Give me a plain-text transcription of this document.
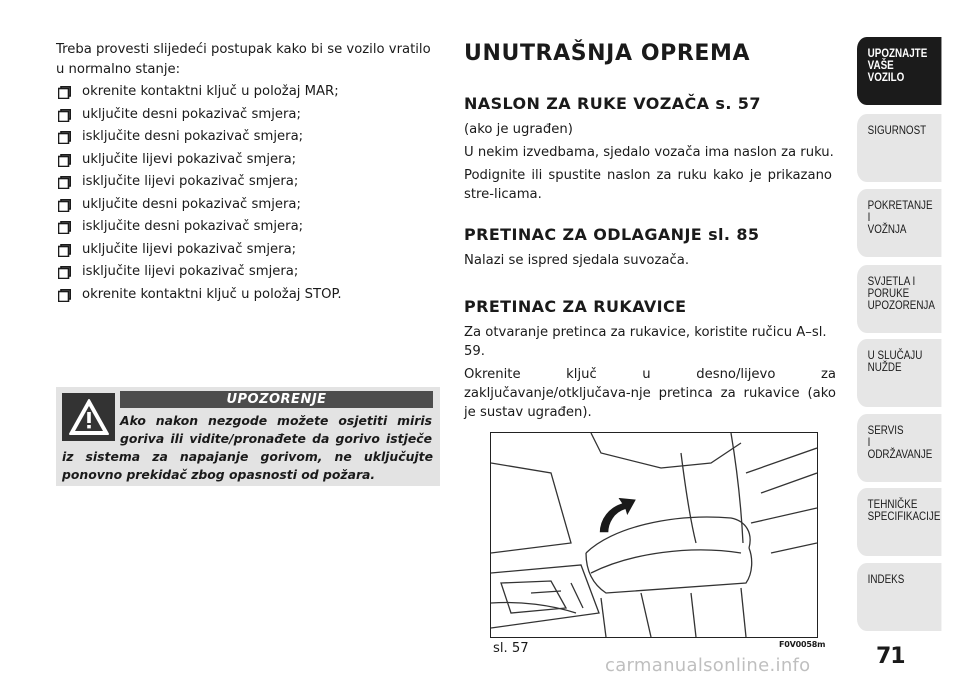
Treba provesti slijedeći postupak kako bi se vozilo vratilo u normalno stanje:

okrenite kontaktni ključ u položaj MAR;
uključite desni pokazivač smjera;
isključite desni pokazivač smjera;
uključite lijevi pokazivač smjera;
isključite lijevi pokazivač smjera;
uključite desni pokazivač smjera;
isključite desni pokazivač smjera;
uključite lijevi pokazivač smjera;
isključite lijevi pokazivač smjera;
okrenite kontaktni ključ u položaj STOP.
UPOZORENJE
Ako nakon nezgode možete osjetiti miris
goriva ili vidite/pronađete da gorivo istječe
iz sistema za napajanje gorivom, ne uključujte
ponovno prekidač zbog opasnosti od požara.
UNUTRAŠNJA OPREMA
NASLON ZA RUKE VOZAČA s. 57

(ako je ugrađen)

U nekim izvedbama, sjedalo vozača ima naslon za ruku.

Podignite ili spustite naslon za ruku kako je prikazano stre-licama.

PRETINAC ZA ODLAGANJE sl. 85

Nalazi se ispred sjedala suvozača.

PRETINAC ZA RUKAVICE

Za otvaranje pretinca za rukavice, koristite ručicu A–sl. 59.

Okrenite ključ u desno/lijevo za zaključavanje/otključava-nje pretinca za rukavice (ako je sustav ugrađen).

sl. 57	F0V0058m
UPOZNAJTE
VAŠE
VOZILO
SIGURNOST
POKRETANJE
I
VOŽNJA
SVJETLA I
PORUKE
UPOZORENJA
U SLUČAJU
NUŽDE
SERVIS
I
ODRŽAVANJE
TEHNIČKE
SPECIFIKACIJE
INDEKS
71
carmanualsonline.info
